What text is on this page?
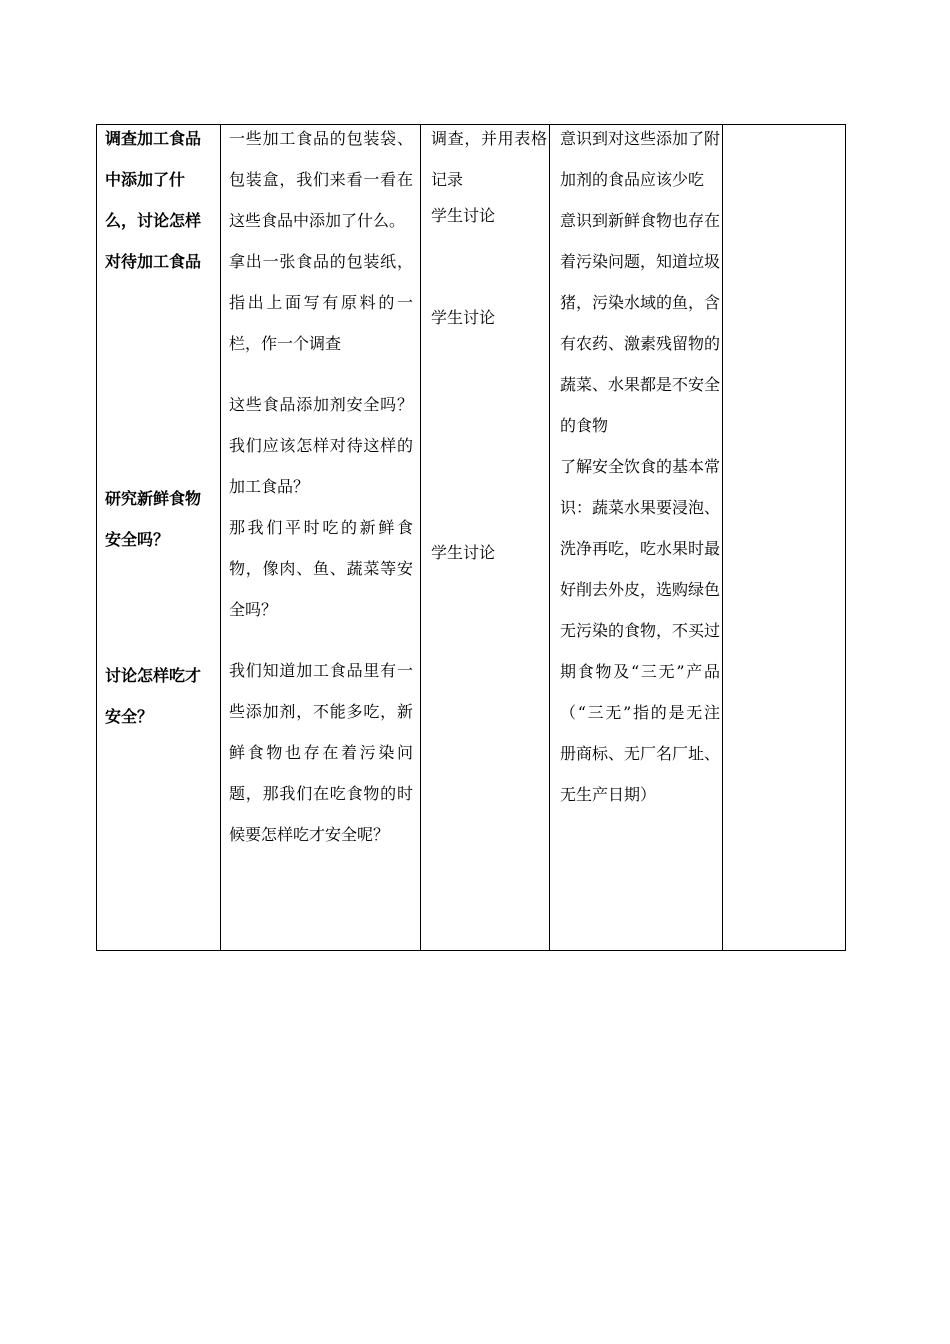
调查加工食品中添加了什么，讨论怎样对待加工食品
研究新鲜食物安全吗？
讨论怎样吃才安全？

一些加工食品的包装袋、包装盒，我们来看一看在这些食品中添加了什么。

拿出一张食品的包装纸，指出上面写有原料的一栏，作一个调查

这些食品添加剂安全吗？我们应该怎样对待这样的加工食品？

那我们平时吃的新鲜食物，像肉、鱼、蔬菜等安全吗？

我们知道加工食品里有一些添加剂，不能多吃，新鲜食物也存在着污染问题，那我们在吃食物的时候要怎样吃才安全呢？

调查，并用表格记录
学生讨论
学生讨论
学生讨论

意识到对这些添加了附加剂的食品应该少吃

意识到新鲜食物也存在着污染问题，知道垃圾猪，污染水域的鱼，含有农药、激素残留物的蔬菜、水果都是不安全的食物

了解安全饮食的基本常识：蔬菜水果要浸泡、洗净再吃，吃水果时最好削去外皮，选购绿色无污染的食物，不买过期食物及“三无”产品（“三无”指的是无注册商标、无厂名厂址、无生产日期）
